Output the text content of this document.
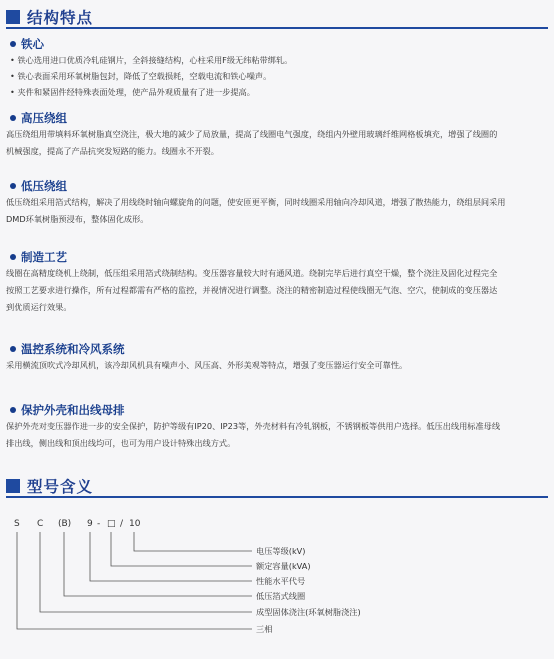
结构特点
铁心
• 铁心选用进口优质冷轧硅钢片，全斜接缝结构，心柱采用F级无纬粘带绑轧。
• 铁心表面采用环氧树脂包封，降低了空载损耗，空载电流和铁心噪声。
• 夹件和紧固件经特殊表面处理，使产品外观质量有了进一步提高。
高压绕组
高压绕组用带填料环氧树脂真空浇注，极大地的减少了局放量，提高了线圈电气强度，绕组内外壁用玻璃纤维网格板填充，增强了线圈的
机械强度，提高了产品抗突发短路的能力。线圈永不开裂。
低压绕组
低压绕组采用箔式结构，解决了用线绕时轴向螺旋角的问题，使安匝更平衡，同时线圈采用轴向冷却风道，增强了散热能力，绕组层间采用
DMD环氧树脂预浸布，整体固化成形。
制造工艺
线圈在高精度绕机上绕制，低压组采用箔式绕制结构。变压器容量较大时有通风道。绕制完毕后进行真空干燥，整个浇注及固化过程完全
按照工艺要求进行操作，所有过程都需有严格的监控，并视情况进行调整。浇注的精密制造过程使线圈无气泡、空穴，使制成的变压器达
到优质运行效果。
温控系统和冷风系统
采用横流顶吹式冷却风机，该冷却风机具有噪声小、风压高、外形美观等特点，增强了变压器运行安全可靠性。
保护外壳和出线母排
保护外壳对变压器作进一步的安全保护，防护等级有IP20、IP23等，外壳材料有冷轧钢板，不锈钢板等供用户选择。低压出线用标准母线
排出线，侧出线和顶出线均可，也可为用户设计特殊出线方式。
型号含义
S C (B) 9 - □ / 10
电压等级(kV)
额定容量(kVA)
性能水平代号
低压箔式线圈
成型固体浇注(环氧树脂浇注)
三相
